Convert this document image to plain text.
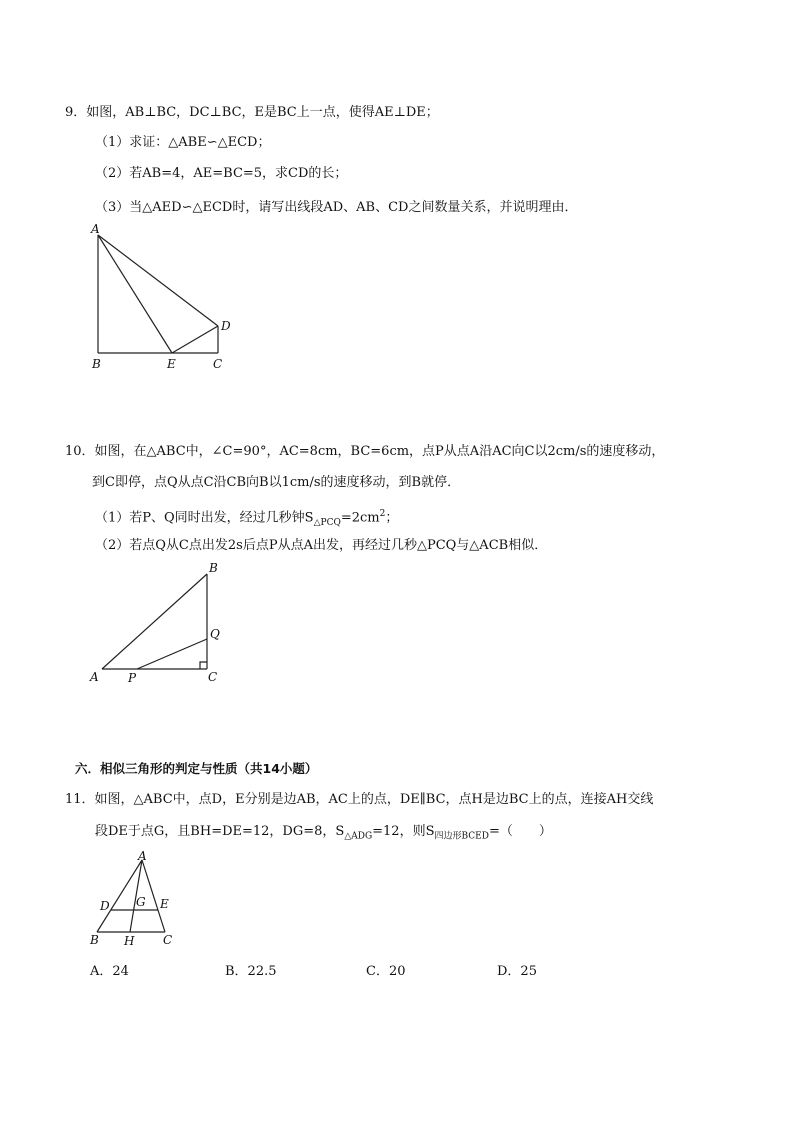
9．如图，AB⊥BC，DC⊥BC，E是BC上一点，使得AE⊥DE；
（1）求证：△ABE∽△ECD；
（2）若AB=4，AE=BC=5，求CD的长；
（3）当△AED∽△ECD时，请写出线段AD、AB、CD之间数量关系，并说明理由．
A
B	C
D
E
10．如图，在△ABC中，∠C=90°，AC=8cm，BC=6cm，点P从点A沿AC向C以2cm/s的速度移动，
到C即停，点Q从点C沿CB向B以1cm/s的速度移动，到B就停．
（1）若P、Q同时出发，经过几秒钟$S_{\triangle PCQ}=2cm^2$；
（2）若点Q从C点出发2s后点P从点A出发，再经过几秒△PCQ与△ACB相似．
A
B
C
P
Q
六．相似三角形的判定与性质（共14小题）
11．如图，△ABC中，点D，E分别是边AB，AC上的点，DE∥BC，点H是边BC上的点，连接AH交线
段DE于点G，且BH=DE=12，DG=8，$S_{\triangle ADG}=12$，则$S_{四边形BCED}=$（　　）
A
B	C
D	E
G
H
A．24	B．22.5	C．20	D．25
